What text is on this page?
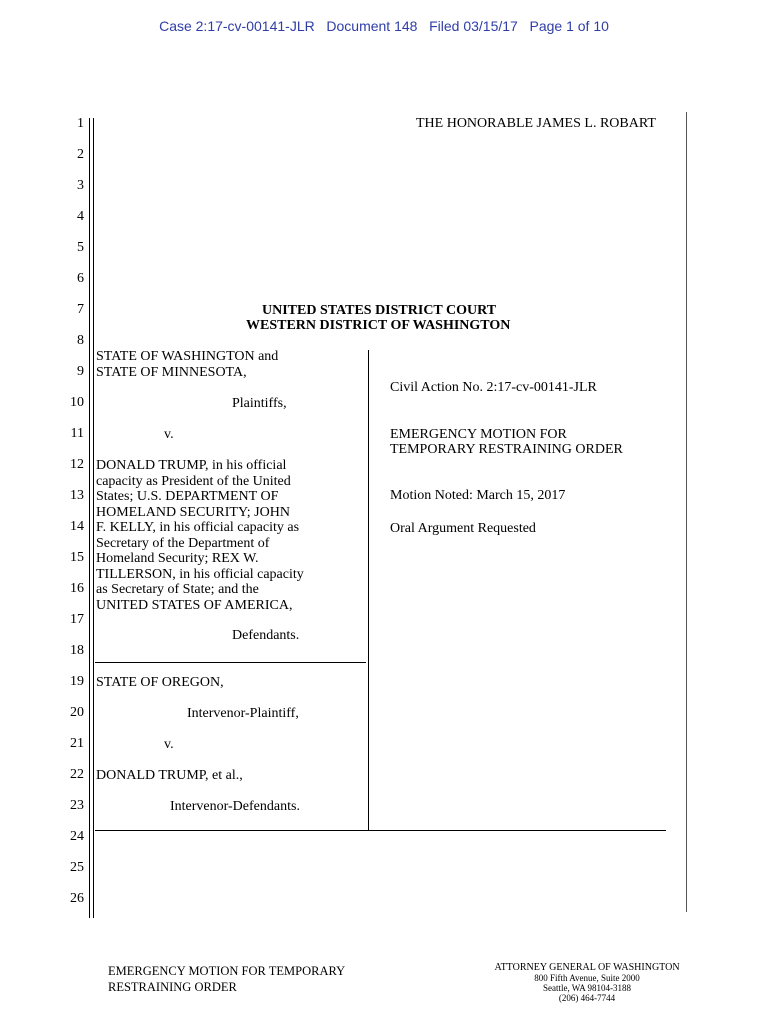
Case 2:17-cv-00141-JLR   Document 148   Filed 03/15/17   Page 1 of 10
1
2
3
4
5
6
7
8
9
10
11
12
13
14
15
16
17
18
19
20
21
22
23
24
25
26
THE HONORABLE JAMES L. ROBART
UNITED STATES DISTRICT COURT
WESTERN DISTRICT OF WASHINGTON
STATE OF WASHINGTON and
STATE OF MINNESOTA,
Plaintiffs,
v.
DONALD TRUMP, in his official
capacity as President of the United
States; U.S. DEPARTMENT OF
HOMELAND SECURITY; JOHN
F. KELLY, in his official capacity as
Secretary of the Department of
Homeland Security; REX W.
TILLERSON, in his official capacity
as Secretary of State; and the
UNITED STATES OF AMERICA,
Defendants.
STATE OF OREGON,
Intervenor-Plaintiff,
v.
DONALD TRUMP, et al.,
Intervenor-Defendants.
Civil Action No. 2:17-cv-00141-JLR
EMERGENCY MOTION FOR
TEMPORARY RESTRAINING ORDER
Motion Noted: March 15, 2017
Oral Argument Requested
EMERGENCY MOTION FOR TEMPORARY
RESTRAINING ORDER
ATTORNEY GENERAL OF WASHINGTON
800 Fifth Avenue, Suite 2000
Seattle, WA 98104-3188
(206) 464-7744
